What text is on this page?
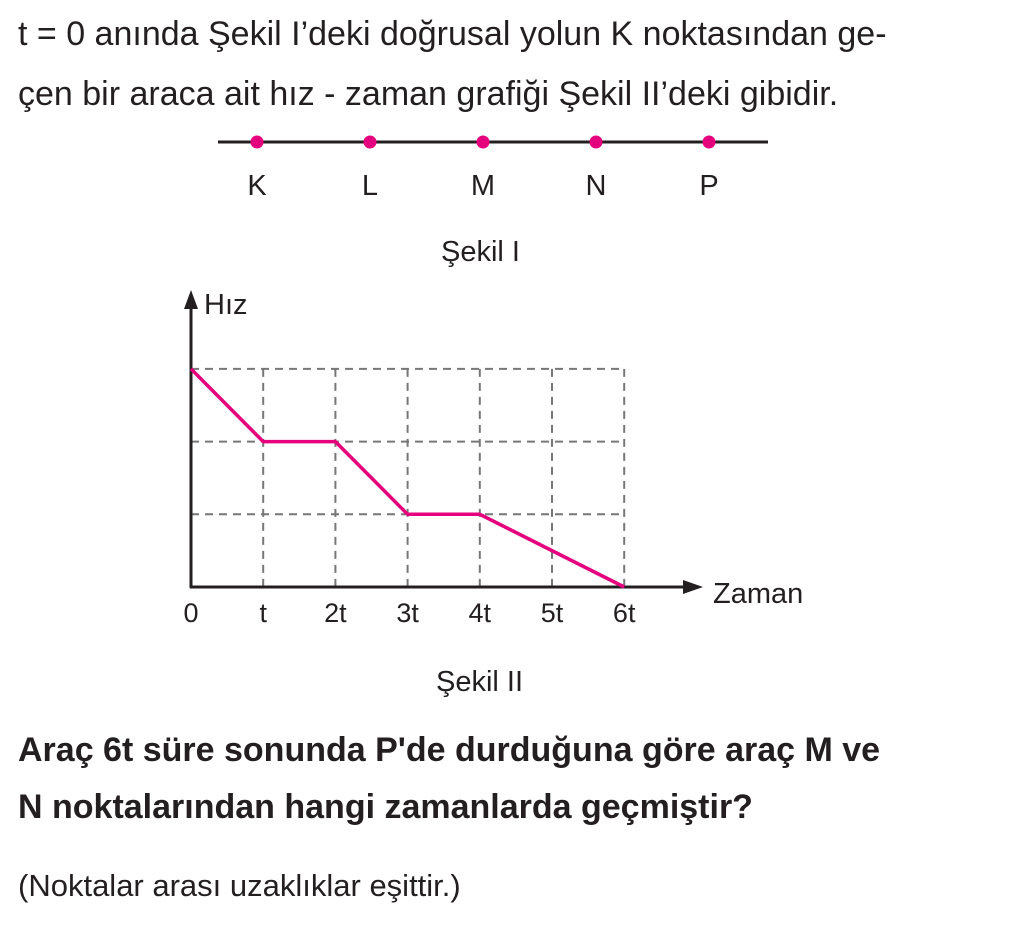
t = 0 anında Şekil I’deki doğrusal yolun K noktasından ge-
çen bir araca ait hız - zaman grafiği Şekil II’deki gibidir.
K	L	M	N	P
Şekil I
Hız
Zaman
0 t 2t 3t 4t 5t 6t
Şekil II
Araç 6t süre sonunda P'de durduğuna göre araç M ve
N noktalarından hangi zamanlarda geçmiştir?
(Noktalar arası uzaklıklar eşittir.)
